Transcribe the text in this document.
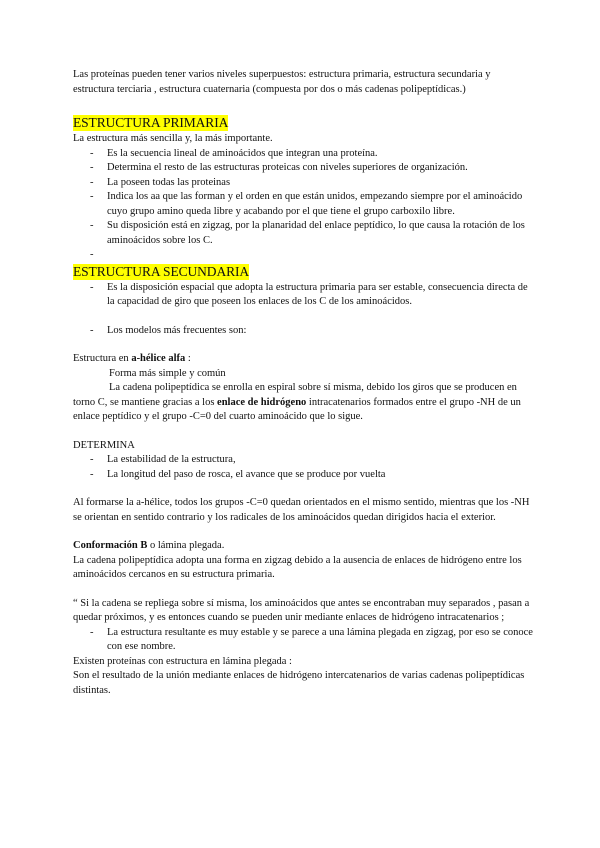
Las proteínas pueden tener varios niveles superpuestos: estructura primaria, estructura secundaria y estructura terciaria , estructura cuaternaria (compuesta por dos o más cadenas polipeptídicas.)

ESTRUCTURA PRIMARIA

La estructura más sencilla y, la más importante.

- Es la secuencia lineal de aminoácidos que integran una proteína.
- Determina el resto de las estructuras proteicas con niveles superiores de organización.
- La poseen todas las proteinas
- Indica los aa que las forman y el orden en que están unidos, empezando siempre por el aminoácido cuyo grupo amino queda libre y acabando por el que tiene el grupo carboxilo libre.
- Su disposición está en zigzag, por la planaridad del enlace peptídico, lo que causa la rotación de los aminoácidos sobre los C.
-
ESTRUCTURA SECUNDARIA
- Es la disposición espacial que adopta la estructura primaria para ser estable, consecuencia directa de la capacidad de giro que poseen los enlaces de los C de los aminoácidos.
- Los modelos más frecuentes son:

Estructura en a-hélice alfa :

Forma más simple y común

La cadena polipeptídica se enrolla en espiral sobre sí misma, debido los giros que se producen en torno C, se mantiene gracias a los enlace de hidrógeno intracatenarios formados entre el grupo -NH de un enlace peptídico y el grupo -C=0 del cuarto aminoácido que lo sigue.

DETERMINA

- La estabilidad de la estructura,
- La longitud del paso de rosca, el avance que se produce por vuelta

Al formarse la a-hélice, todos los grupos -C=0 quedan orientados en el mismo sentido, mientras que los -NH se orientan en sentido contrario y los radicales de los aminoácidos quedan dirigidos hacia el exterior.

Conformación B o lámina plegada.

La cadena polipeptídica adopta una forma en zigzag debido a la ausencia de enlaces de hidrógeno entre los aminoácidos cercanos en su estructura primaria.

“ Si la cadena se repliega sobre sí misma, los aminoácidos que antes se encontraban muy separados , pasan a quedar próximos, y es entonces cuando se pueden unir mediante enlaces de hidrógeno intracatenarios ;

- La estructura resultante es muy estable y se parece a una lámina plegada en zigzag, por eso se conoce con ese nombre.

Existen proteínas con estructura en lámina plegada :

Son el resultado de la unión mediante enlaces de hidrógeno intercatenarios de varias cadenas polipeptídicas distintas.
